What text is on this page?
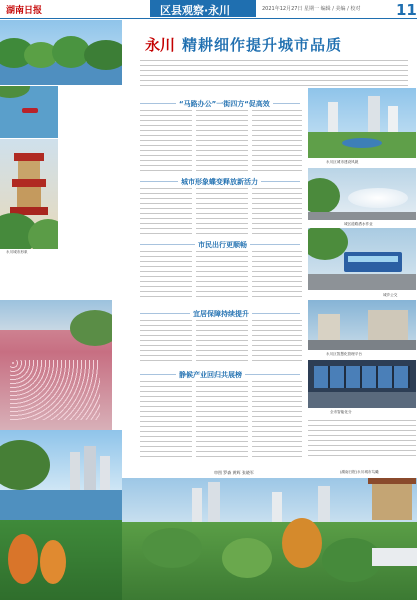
湖南日报	区县观察·永川	2021年12月27日 星期一 编辑 / 美编 / 校对 11
永川城市形象
永川 精耕细作提升城市品质
“马路办公”一街四方“促高效
永川区城市建设风貌
城市形象蝶变释放新活力
城区道路洒水作业
市民出行更顺畅
城乡公交
宜居保障持续提升
永川区智慧化管理平台
全市智能化分
静候产业回归共展榜
审图 罗森 黄辉 张晓军	(湖南日报)永川城市鸟瞰
